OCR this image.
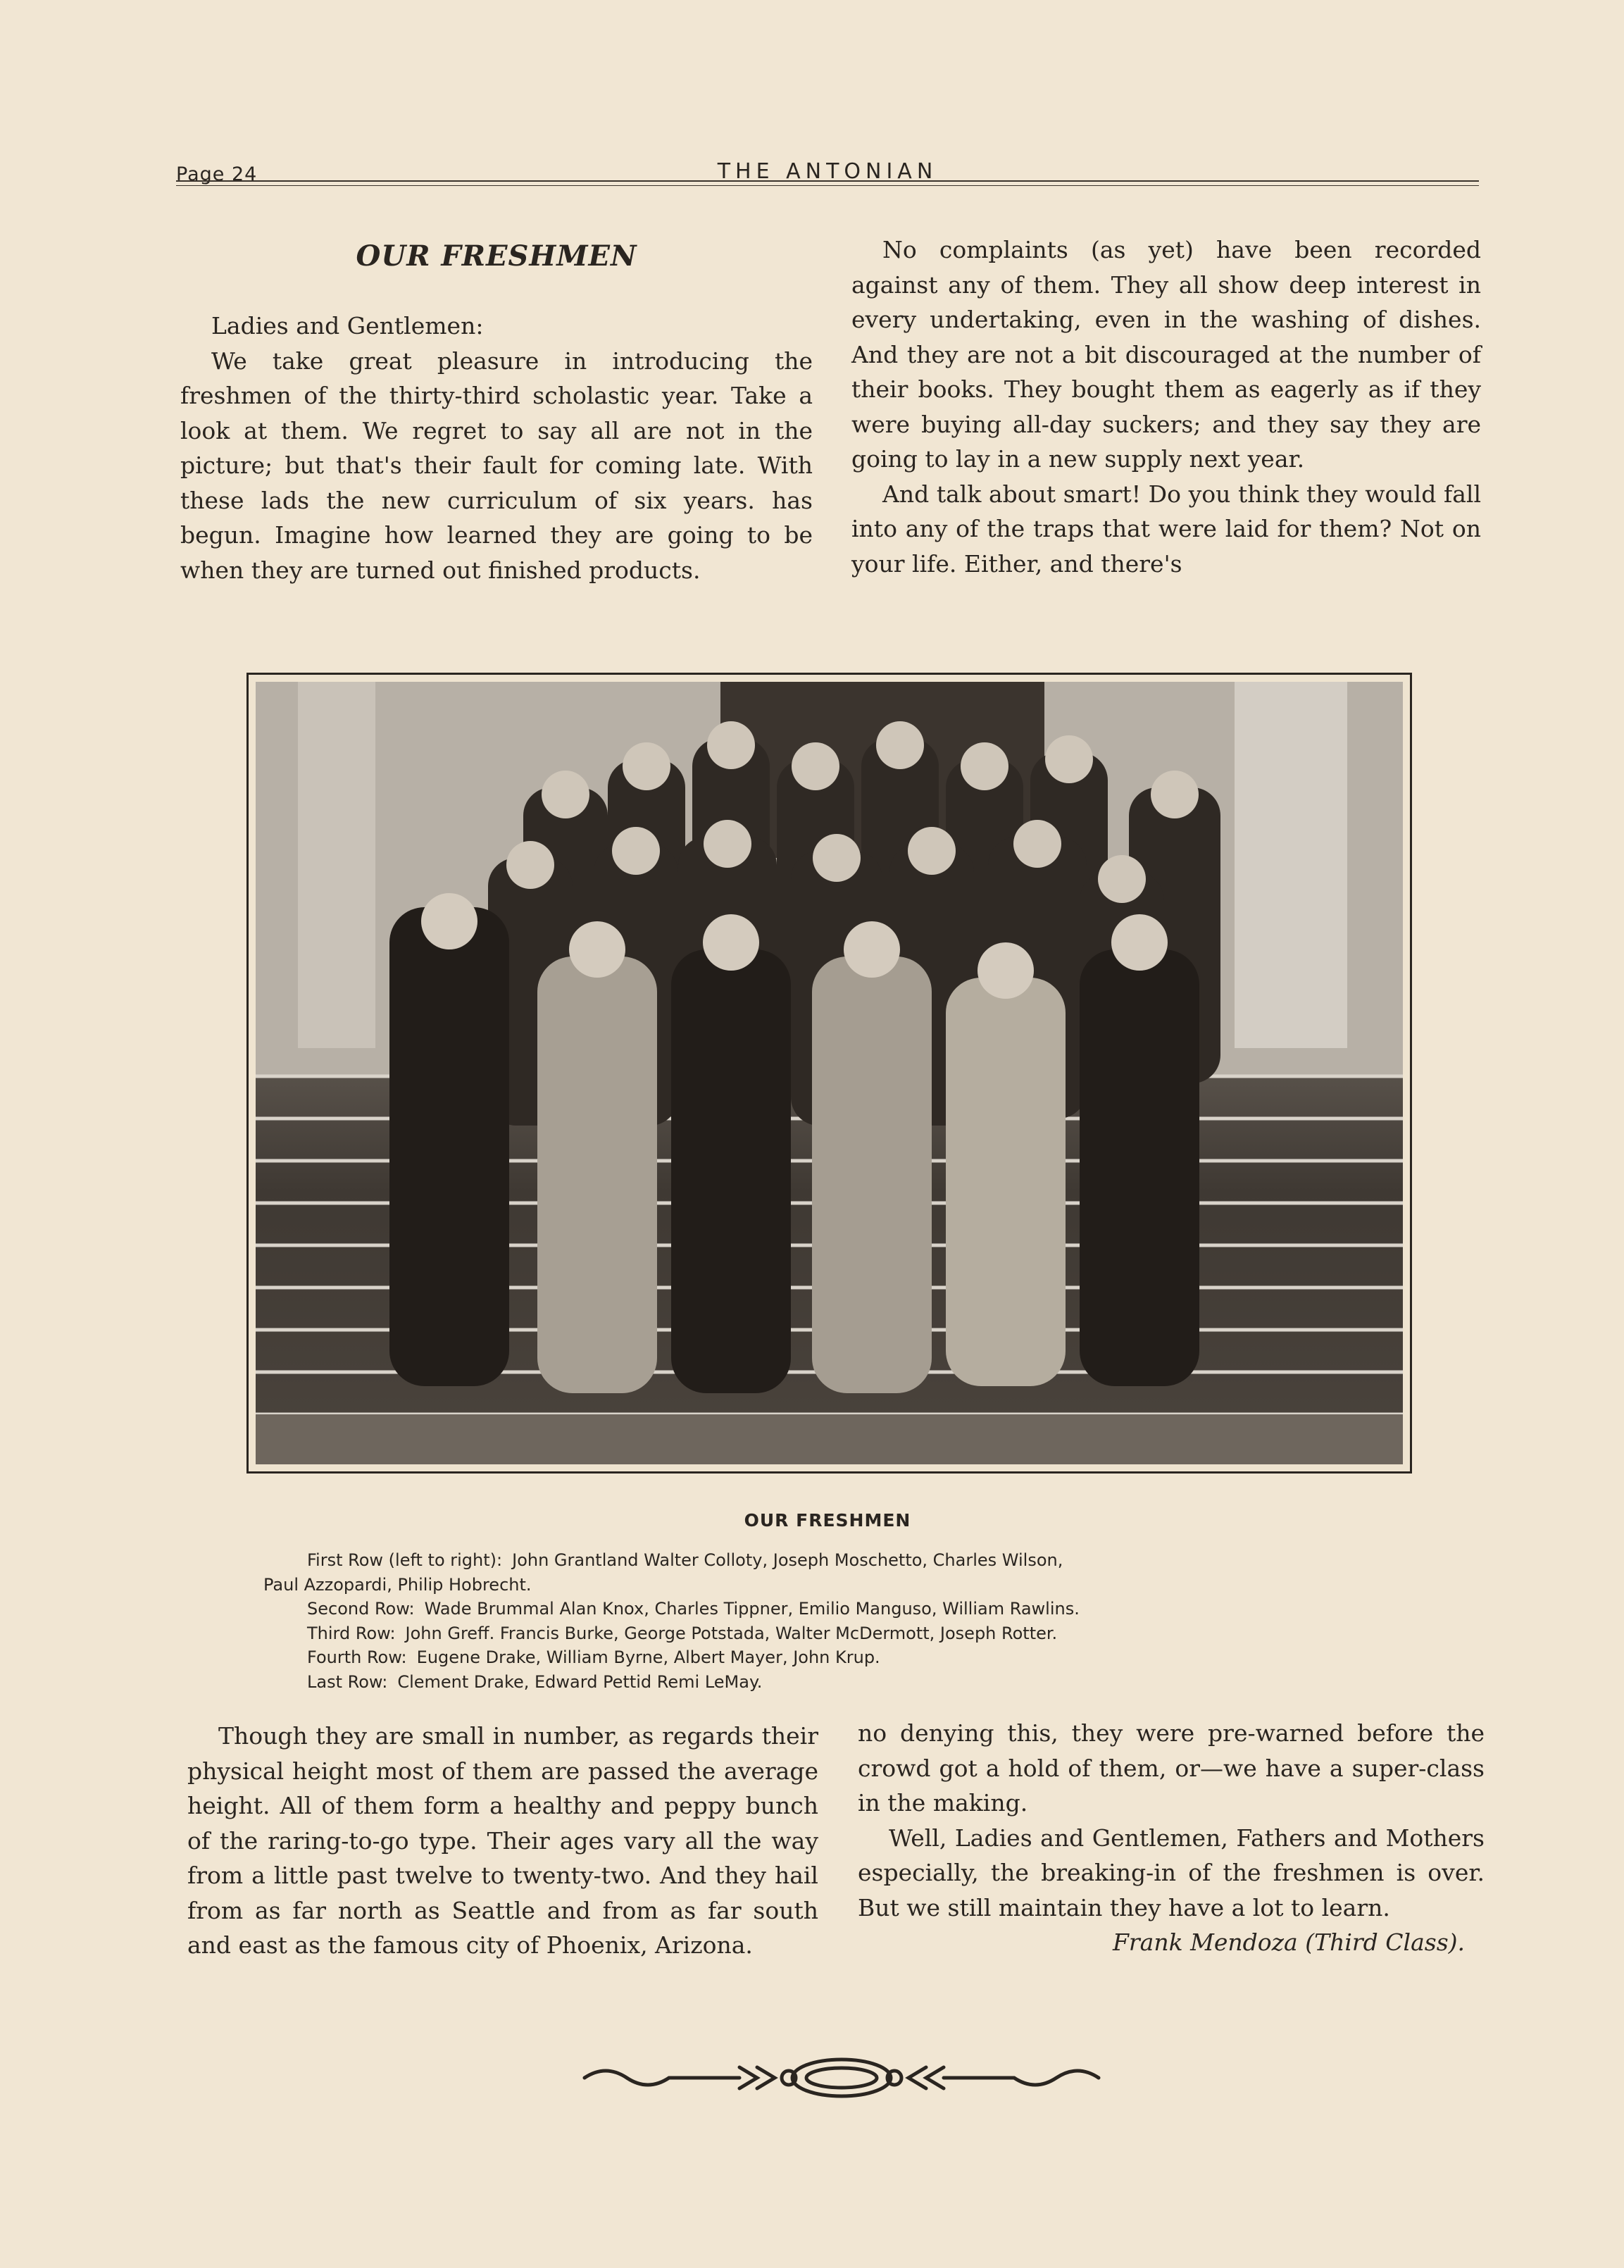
Page 24	THE ANTONIAN
OUR FRESHMEN

Ladies and Gentlemen:

We take great pleasure in introducing the freshmen of the thirty-third scholastic year. Take a look at them. We regret to say all are not in the picture; but that's their fault for coming late. With these lads the new curriculum of six years. has begun. Imagine how learned they are going to be when they are turned out finished products.

No complaints (as yet) have been recorded against any of them. They all show deep interest in every undertaking, even in the washing of dishes. And they are not a bit discouraged at the number of their books. They bought them as eagerly as if they were buying all-day suckers; and they say they are going to lay in a new supply next year.

And talk about smart! Do you think they would fall into any of the traps that were laid for them? Not on your life. Either, and there's

OUR FRESHMEN
First Row (left to right): John Grantland Walter Colloty, Joseph Moschetto, Charles Wilson,
Paul Azzopardi, Philip Hobrecht.
Second Row: Wade Brummal Alan Knox, Charles Tippner, Emilio Manguso, William Rawlins.
Third Row: John Greff. Francis Burke, George Potstada, Walter McDermott, Joseph Rotter.
Fourth Row: Eugene Drake, William Byrne, Albert Mayer, John Krup.
Last Row: Clement Drake, Edward Pettid Remi LeMay.

Though they are small in number, as regards their physical height most of them are passed the average height. All of them form a healthy and peppy bunch of the raring-to-go type. Their ages vary all the way from a little past twelve to twenty-two. And they hail from as far north as Seattle and from as far south and east as the famous city of Phoenix, Arizona.

no denying this, they were pre-warned before the crowd got a hold of them, or—we have a super-class in the making.

Well, Ladies and Gentlemen, Fathers and Mothers especially, the breaking-in of the freshmen is over. But we still maintain they have a lot to learn.

Frank Mendoza (Third Class).
